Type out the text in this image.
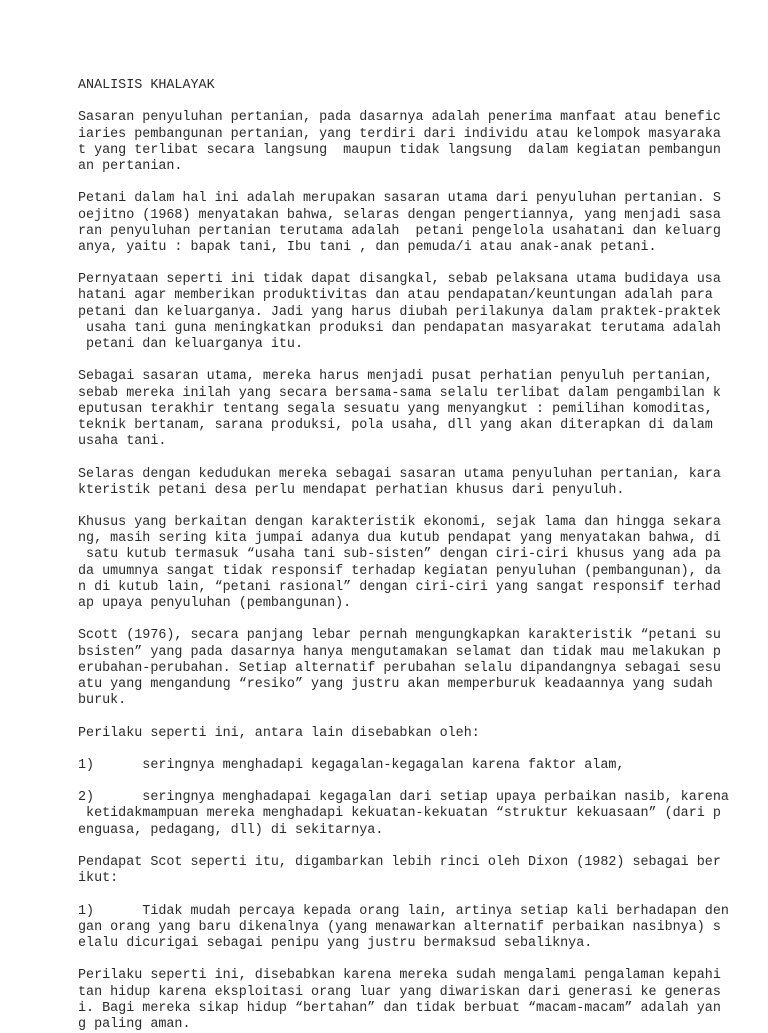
ANALISIS KHALAYAK
Sasaran penyuluhan pertanian, pada dasarnya adalah penerima manfaat atau benefic
iaries pembangunan pertanian, yang terdiri dari individu atau kelompok masyaraka
t yang terlibat secara langsung  maupun tidak langsung  dalam kegiatan pembangun
an pertanian.
Petani dalam hal ini adalah merupakan sasaran utama dari penyuluhan pertanian. S
oejitno (1968) menyatakan bahwa, selaras dengan pengertiannya, yang menjadi sasa
ran penyuluhan pertanian terutama adalah  petani pengelola usahatani dan keluarg
anya, yaitu : bapak tani, Ibu tani , dan pemuda/i atau anak-anak petani.
Pernyataan seperti ini tidak dapat disangkal, sebab pelaksana utama budidaya usa
hatani agar memberikan produktivitas dan atau pendapatan/keuntungan adalah para
petani dan keluarganya. Jadi yang harus diubah perilakunya dalam praktek-praktek
usaha tani guna meningkatkan produksi dan pendapatan masyarakat terutama adalah
petani dan keluarganya itu.
Sebagai sasaran utama, mereka harus menjadi pusat perhatian penyuluh pertanian,
sebab mereka inilah yang secara bersama-sama selalu terlibat dalam pengambilan k
eputusan terakhir tentang segala sesuatu yang menyangkut : pemilihan komoditas,
teknik bertanam, sarana produksi, pola usaha, dll yang akan diterapkan di dalam
usaha tani.
Selaras dengan kedudukan mereka sebagai sasaran utama penyuluhan pertanian, kara
kteristik petani desa perlu mendapat perhatian khusus dari penyuluh.
Khusus yang berkaitan dengan karakteristik ekonomi, sejak lama dan hingga sekara
ng, masih sering kita jumpai adanya dua kutub pendapat yang menyatakan bahwa, di
satu kutub termasuk “usaha tani sub-sisten” dengan ciri-ciri khusus yang ada pa
da umumnya sangat tidak responsif terhadap kegiatan penyuluhan (pembangunan), da
n di kutub lain, “petani rasional” dengan ciri-ciri yang sangat responsif terhad
ap upaya penyuluhan (pembangunan).
Scott (1976), secara panjang lebar pernah mengungkapkan karakteristik “petani su
bsisten” yang pada dasarnya hanya mengutamakan selamat dan tidak mau melakukan p
erubahan-perubahan. Setiap alternatif perubahan selalu dipandangnya sebagai sesu
atu yang mengandung “resiko” yang justru akan memperburuk keadaannya yang sudah
buruk.
Perilaku seperti ini, antara lain disebabkan oleh:
1)      seringnya menghadapi kegagalan-kegagalan karena faktor alam,
2)      seringnya menghadapai kegagalan dari setiap upaya perbaikan nasib, karena
ketidakmampuan mereka menghadapi kekuatan-kekuatan “struktur kekuasaan” (dari p
enguasa, pedagang, dll) di sekitarnya.
Pendapat Scot seperti itu, digambarkan lebih rinci oleh Dixon (1982) sebagai ber
ikut:
1)      Tidak mudah percaya kepada orang lain, artinya setiap kali berhadapan den
gan orang yang baru dikenalnya (yang menawarkan alternatif perbaikan nasibnya) s
elalu dicurigai sebagai penipu yang justru bermaksud sebaliknya.
Perilaku seperti ini, disebabkan karena mereka sudah mengalami pengalaman kepahi
tan hidup karena eksploitasi orang luar yang diwariskan dari generasi ke generas
i. Bagi mereka sikap hidup “bertahan” dan tidak berbuat “macam-macam” adalah yan
g paling aman.
